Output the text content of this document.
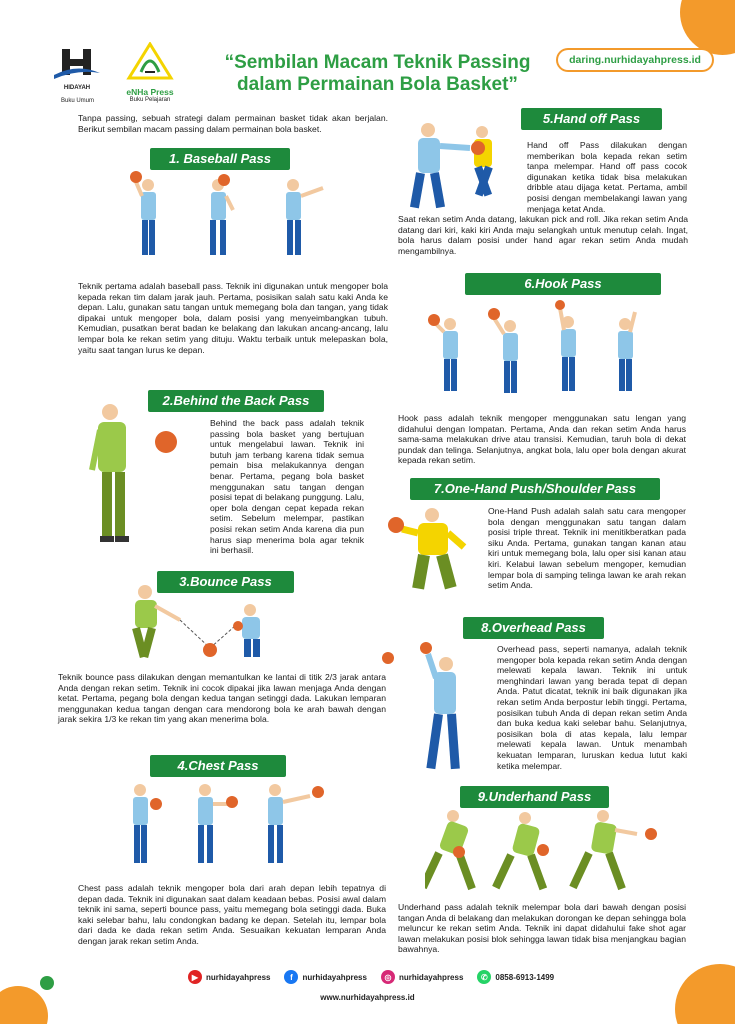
HIDAYAH
Buku Umum
eNHa Press
Buku Pelajaran
“Sembilan Macam Teknik Passing
dalam Permainan Bola Basket”
daring.nurhidayahpress.id
Tanpa passing, sebuah strategi dalam permainan basket tidak akan berjalan. Berikut sembilan macam passing dalam permainan bola basket.
1. Baseball Pass
Teknik pertama adalah baseball pass. Teknik ini digunakan untuk mengoper bola kepada rekan tim dalam jarak jauh. Pertama, posisikan salah satu kaki Anda ke depan. Lalu, gunakan satu tangan untuk memegang bola dan tangan, yang tidak dipakai untuk mengoper bola, dalam posisi yang menyeimbangkan tubuh. Kemudian, pusatkan berat badan ke belakang dan lakukan ancang-ancang, lalu lempar bola ke rekan setim yang dituju. Waktu terbaik untuk melepaskan bola, yaitu saat tangan lurus ke depan.
2.Behind the Back Pass
Behind the back pass adalah teknik passing bola basket yang bertujuan untuk mengelabui lawan. Teknik ini butuh jam terbang karena tidak semua pemain bisa melakukannya dengan benar. Pertama, pegang bola basket menggunakan satu tangan dengan posisi tepat di belakang punggung. Lalu, oper bola dengan cepat kepada rekan setim. Sebelum melempar, pastikan posisi rekan setim Anda karena dia pun harus siap menerima bola agar teknik ini berhasil.
3.Bounce Pass
Teknik bounce pass dilakukan dengan memantulkan ke lantai di titik 2/3 jarak antara Anda dengan rekan setim. Teknik ini cocok dipakai jika lawan menjaga Anda dengan ketat. Pertama, pegang bola dengan kedua tangan setinggi dada. Lakukan lemparan menggunakan kedua tangan dengan cara mendorong bola ke arah bawah dengan jarak sekira 1/3 ke rekan tim yang akan menerima bola.
4.Chest Pass
Chest pass adalah teknik mengoper bola dari arah depan lebih tepatnya di depan dada. Teknik ini digunakan saat dalam keadaan bebas. Posisi awal dalam teknik ini sama, seperti bounce pass, yaitu memegang bola setinggi dada. Buka kaki selebar bahu, lalu condongkan badang ke depan. Setelah itu, lempar bola dari dada ke dada rekan setim Anda. Sesuaikan kekuatan lemparan Anda dengan jarak rekan setim Anda.
5.Hand off Pass
Hand off Pass dilakukan dengan memberikan bola kepada rekan setim tanpa melempar. Hand off pass cocok digunakan ketika tidak bisa melakukan dribble atau dijaga ketat. Pertama, ambil posisi dengan membelakangi lawan yang menjaga ketat Anda.
Saat rekan setim Anda datang, lakukan pick and roll. Jika rekan setim Anda datang dari kiri, kaki kiri Anda maju selangkah untuk menutup celah. Ingat, bola harus dalam posisi under hand agar rekan setim Anda mudah mengambilnya.
6.Hook Pass
Hook pass adalah teknik mengoper menggunakan satu lengan yang didahului dengan lompatan. Pertama, Anda dan rekan setim Anda harus sama-sama melakukan drive atau transisi. Kemudian, taruh bola di dekat pundak dan telinga. Selanjutnya, angkat bola, lalu oper bola dengan akurat kepada rekan setim.
7.One-Hand Push/Shoulder Pass
One-Hand Push adalah salah satu cara mengoper bola dengan menggunakan satu tangan dalam posisi triple threat. Teknik ini menitikberatkan pada siku Anda. Pertama, gunakan tangan kanan atau kiri untuk memegang bola, lalu oper sisi kanan atau kiri. Kelabui lawan sebelum mengoper, kemudian lempar bola di samping telinga lawan ke arah rekan setim Anda.
8.Overhead Pass
Overhead pass, seperti namanya, adalah teknik mengoper bola kepada rekan setim Anda dengan melewati kepala lawan. Teknik ini untuk menghindari lawan yang berada tepat di depan Anda. Patut dicatat, teknik ini baik digunakan jika rekan setim Anda berpostur lebih tinggi. Pertama, posisikan tubuh Anda di depan rekan setim Anda dan buka kedua kaki selebar bahu. Selanjutnya, posisikan bola di atas kepala, lalu lempar melewati kepala lawan. Untuk menambah kekuatan lemparan, luruskan kedua lutut kaki ketika melempar.
9.Underhand Pass
Underhand pass adalah teknik melempar bola dari bawah dengan posisi tangan Anda di belakang dan melakukan dorongan ke depan sehingga bola meluncur ke rekan setim Anda. Teknik ini dapat didahului fake shot agar lawan melakukan posisi blok sehingga lawan tidak bisa menjangkau bagian bawahnya.
▶ nurhidayahpress	f	nurhidayahpress	◎ nurhidayahpress	✆ 0858-6913-1499
www.nurhidayahpress.id
